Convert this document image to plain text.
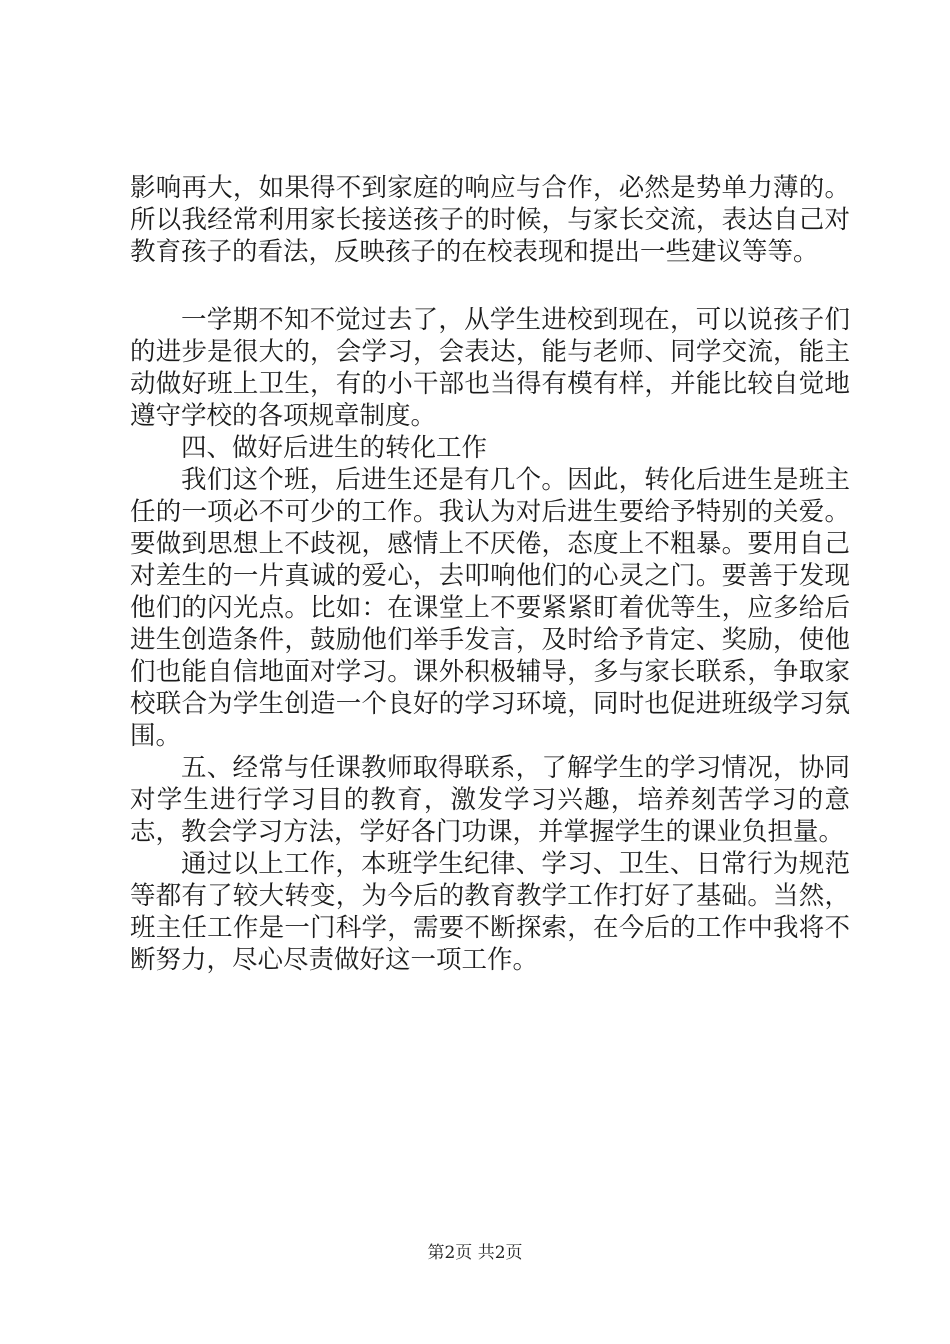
影响再大，如果得不到家庭的响应与合作，必然是势单力薄的。所以我经常利用家长接送孩子的时候，与家长交流，表达自己对教育孩子的看法，反映孩子的在校表现和提出一些建议等等。

一学期不知不觉过去了，从学生进校到现在，可以说孩子们的进步是很大的，会学习，会表达，能与老师、同学交流，能主动做好班上卫生，有的小干部也当得有模有样，并能比较自觉地遵守学校的各项规章制度。

四、做好后进生的转化工作

我们这个班，后进生还是有几个。因此，转化后进生是班主任的一项必不可少的工作。我认为对后进生要给予特别的关爱。要做到思想上不歧视，感情上不厌倦，态度上不粗暴。要用自己对差生的一片真诚的爱心，去叩响他们的心灵之门。要善于发现他们的闪光点。比如：在课堂上不要紧紧盯着优等生，应多给后进生创造条件，鼓励他们举手发言，及时给予肯定、奖励，使他们也能自信地面对学习。课外积极辅导，多与家长联系，争取家校联合为学生创造一个良好的学习环境，同时也促进班级学习氛围。

五、经常与任课教师取得联系，了解学生的学习情况，协同对学生进行学习目的教育，激发学习兴趣，培养刻苦学习的意志，教会学习方法，学好各门功课，并掌握学生的课业负担量。

通过以上工作，本班学生纪律、学习、卫生、日常行为规范等都有了较大转变，为今后的教育教学工作打好了基础。当然，班主任工作是一门科学，需要不断探索，在今后的工作中我将不断努力，尽心尽责做好这一项工作。

第2页 共2页
